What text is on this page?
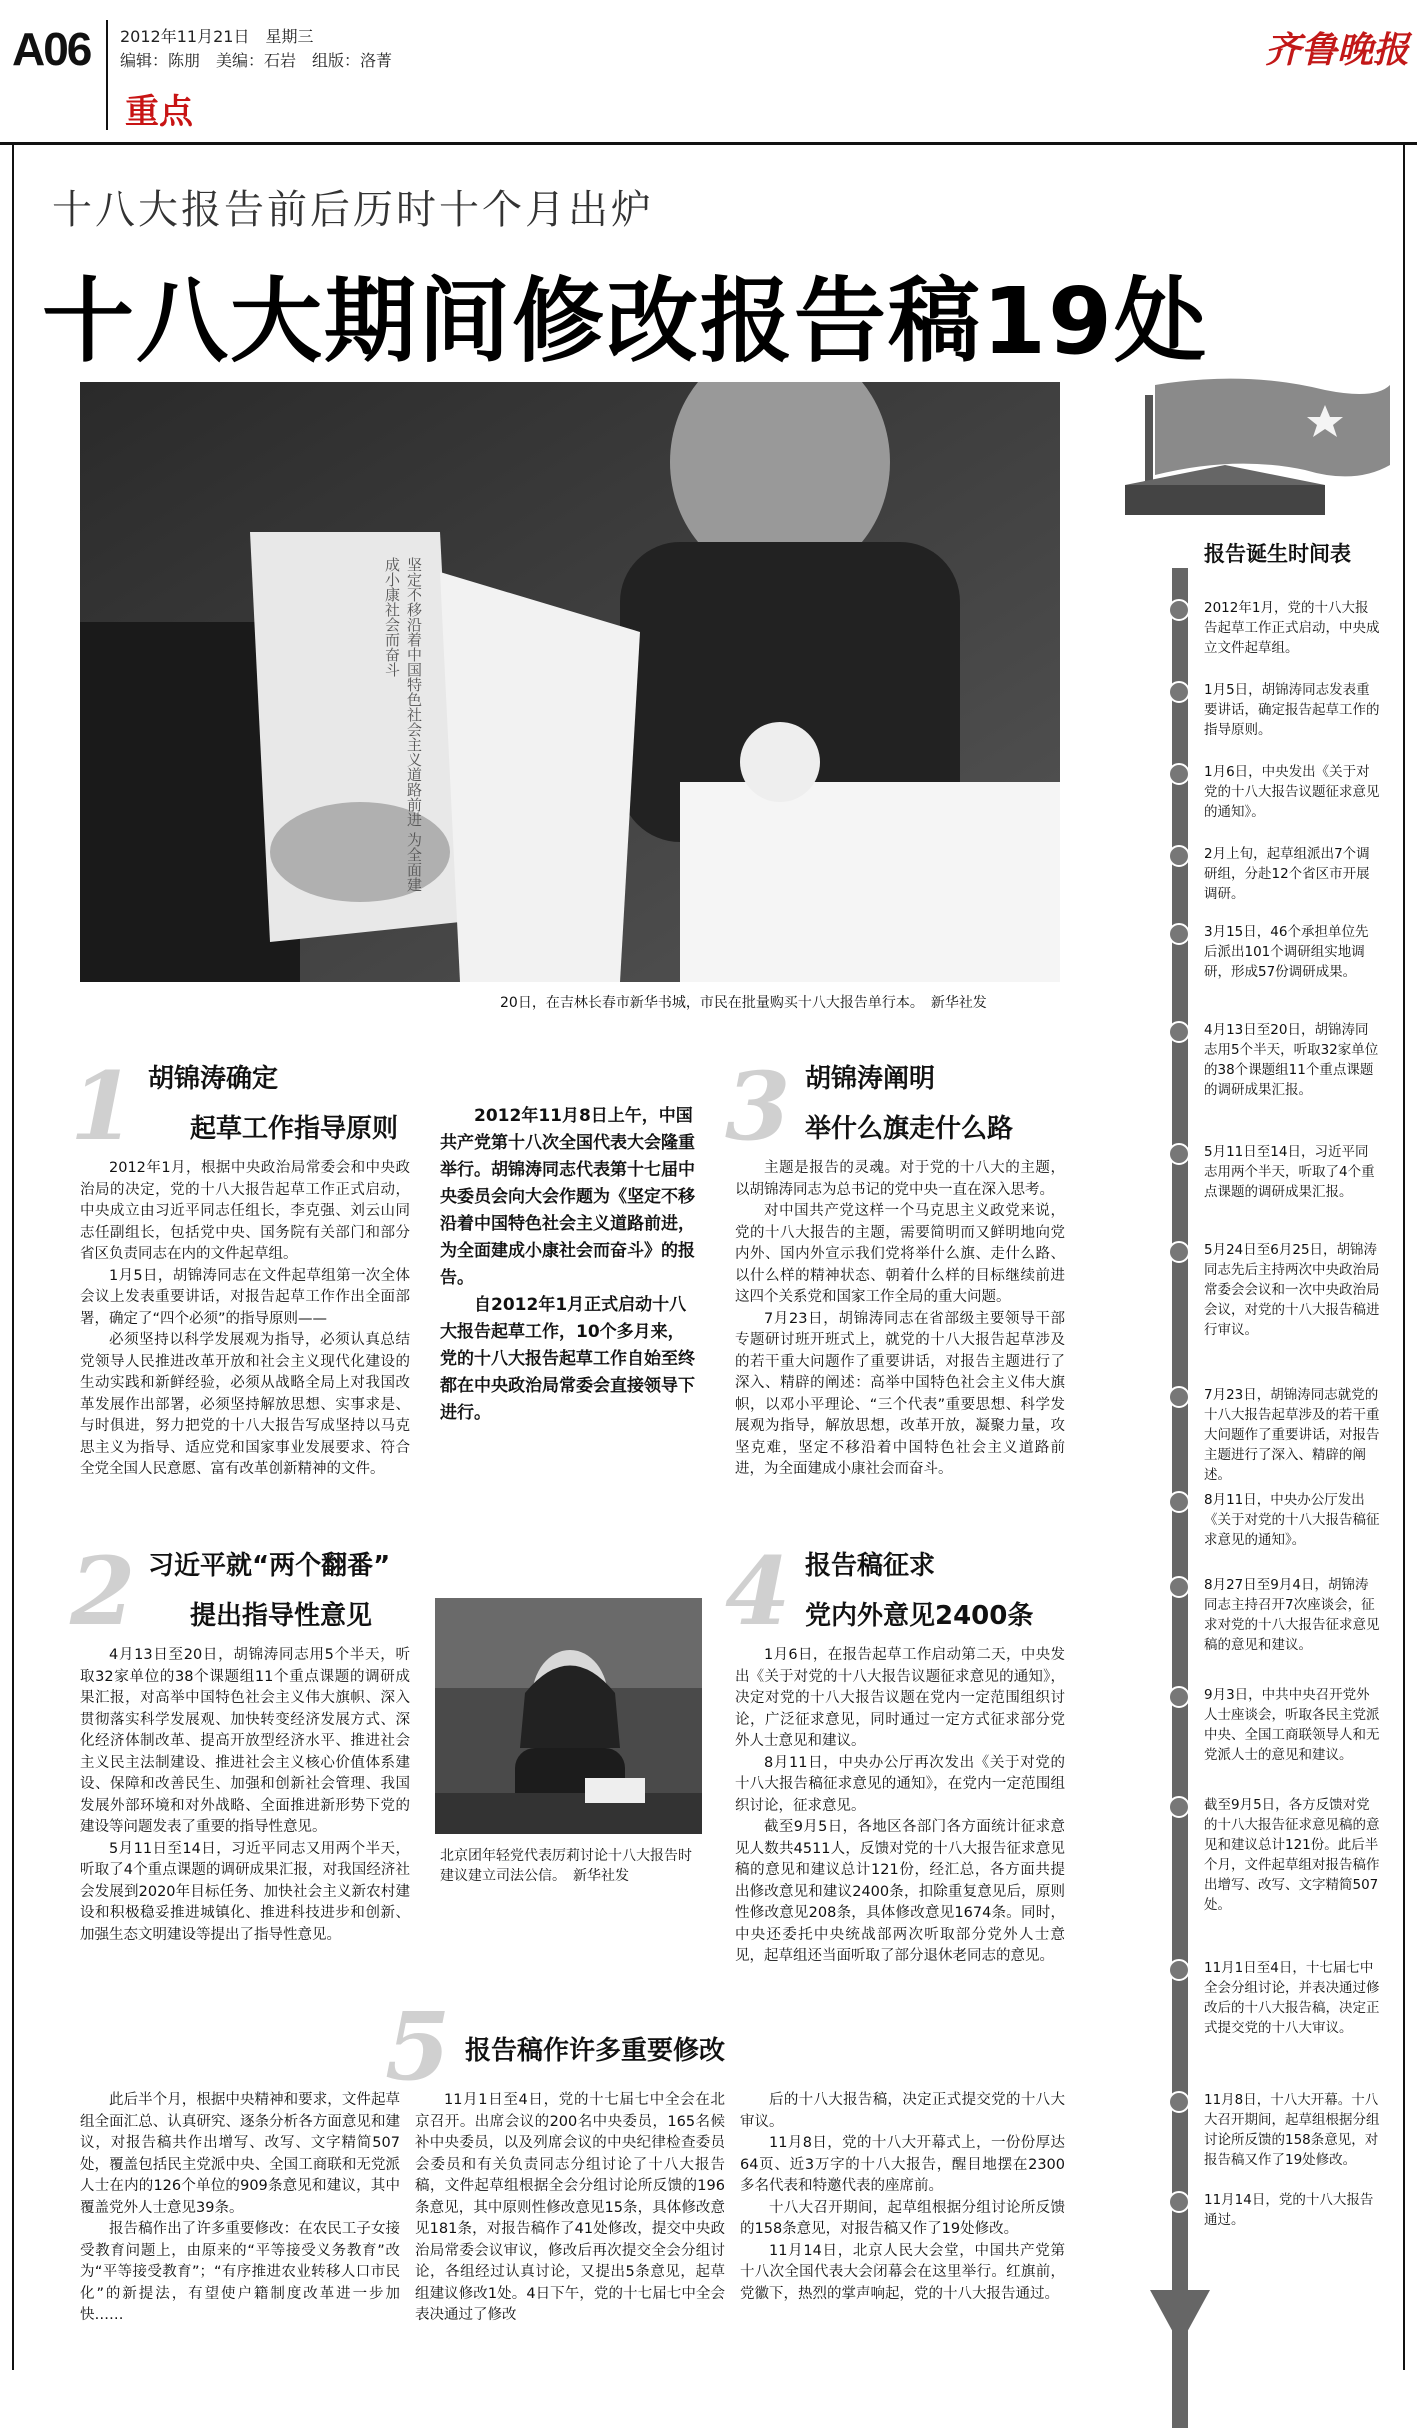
A06 2012年11月21日　星期三
编辑：陈朋　美编：石岩　组版：洛菁
重点
齐鲁晚报
十八大报告前后历时十个月出炉
十八大期间修改报告稿19处
坚定不移沿着中国特色社会主义道路前进 为全面建成小康社会而奋斗
20日，在吉林长春市新华书城，市民在批量购买十八大报告单行本。　新华社发
1 胡锦涛确定
起草工作指导原则

2012年1月，根据中央政治局常委会和中央政治局的决定，党的十八大报告起草工作正式启动，中央成立由习近平同志任组长，李克强、刘云山同志任副组长，包括党中央、国务院有关部门和部分省区负责同志在内的文件起草组。

1月5日，胡锦涛同志在文件起草组第一次全体会议上发表重要讲话，对报告起草工作作出全面部署，确定了“四个必须”的指导原则——

必须坚持以科学发展观为指导，必须认真总结党领导人民推进改革开放和社会主义现代化建设的生动实践和新鲜经验，必须从战略全局上对我国改革发展作出部署，必须坚持解放思想、实事求是、与时俱进，努力把党的十八大报告写成坚持以马克思主义为指导、适应党和国家事业发展要求、符合全党全国人民意愿、富有改革创新精神的文件。

2 习近平就“两个翻番”
提出指导性意见

4月13日至20日，胡锦涛同志用5个半天，听取32家单位的38个课题组11个重点课题的调研成果汇报，对高举中国特色社会主义伟大旗帜、深入贯彻落实科学发展观、加快转变经济发展方式、深化经济体制改革、提高开放型经济水平、推进社会主义民主法制建设、推进社会主义核心价值体系建设、保障和改善民生、加强和创新社会管理、我国发展外部环境和对外战略、全面推进新形势下党的建设等问题发表了重要的指导性意见。

5月11日至14日，习近平同志又用两个半天，听取了4个重点课题的调研成果汇报，对我国经济社会发展到2020年目标任务、加快社会主义新农村建设和积极稳妥推进城镇化、推进科技进步和创新、加强生态文明建设等提出了指导性意见。

2012年11月8日上午，中国共产党第十八次全国代表大会隆重举行。胡锦涛同志代表第十七届中央委员会向大会作题为《坚定不移沿着中国特色社会主义道路前进，为全面建成小康社会而奋斗》的报告。

自2012年1月正式启动十八大报告起草工作，10个多月来，党的十八大报告起草工作自始至终都在中央政治局常委会直接领导下进行。

北京团年轻党代表厉莉讨论十八大报告时建议建立司法公信。　新华社发
3 胡锦涛阐明
举什么旗走什么路

主题是报告的灵魂。对于党的十八大的主题，以胡锦涛同志为总书记的党中央一直在深入思考。

对中国共产党这样一个马克思主义政党来说，党的十八大报告的主题，需要简明而又鲜明地向党内外、国内外宣示我们党将举什么旗、走什么路、以什么样的精神状态、朝着什么样的目标继续前进这四个关系党和国家工作全局的重大问题。

7月23日，胡锦涛同志在省部级主要领导干部专题研讨班开班式上，就党的十八大报告起草涉及的若干重大问题作了重要讲话，对报告主题进行了深入、精辟的阐述：高举中国特色社会主义伟大旗帜，以邓小平理论、“三个代表”重要思想、科学发展观为指导，解放思想，改革开放，凝聚力量，攻坚克难，坚定不移沿着中国特色社会主义道路前进，为全面建成小康社会而奋斗。

4 报告稿征求
党内外意见2400条

1月6日，在报告起草工作启动第二天，中央发出《关于对党的十八大报告议题征求意见的通知》，决定对党的十八大报告议题在党内一定范围组织讨论，广泛征求意见，同时通过一定方式征求部分党外人士意见和建议。

8月11日，中央办公厅再次发出《关于对党的十八大报告稿征求意见的通知》，在党内一定范围组织讨论，征求意见。

截至9月5日，各地区各部门各方面统计征求意见人数共4511人，反馈对党的十八大报告征求意见稿的意见和建议总计121份，经汇总，各方面共提出修改意见和建议2400条，扣除重复意见后，原则性修改意见208条，具体修改意见1674条。同时，中央还委托中央统战部两次听取部分党外人士意见，起草组还当面听取了部分退休老同志的意见。

5 报告稿作许多重要修改

此后半个月，根据中央精神和要求，文件起草组全面汇总、认真研究、逐条分析各方面意见和建议，对报告稿共作出增写、改写、文字精简507处，覆盖包括民主党派中央、全国工商联和无党派人士在内的126个单位的909条意见和建议，其中覆盖党外人士意见39条。

报告稿作出了许多重要修改：在农民工子女接受教育问题上，由原来的“平等接受义务教育”改为“平等接受教育”；“有序推进农业转移人口市民化”的新提法，有望使户籍制度改革进一步加快……

11月1日至4日，党的十七届七中全会在北京召开。出席会议的200名中央委员，165名候补中央委员，以及列席会议的中央纪律检查委员会委员和有关负责同志分组讨论了十八大报告稿，文件起草组根据全会分组讨论所反馈的196条意见，其中原则性修改意见15条，具体修改意见181条，对报告稿作了41处修改，提交中央政治局常委会议审议，修改后再次提交全会分组讨论，各组经过认真讨论，又提出5条意见，起草组建议修改1处。4日下午，党的十七届七中全会表决通过了修改

后的十八大报告稿，决定正式提交党的十八大审议。

11月8日，党的十八大开幕式上，一份份厚达64页、近3万字的十八大报告，醒目地摆在2300多名代表和特邀代表的座席前。

十八大召开期间，起草组根据分组讨论所反馈的158条意见，对报告稿又作了19处修改。

11月14日，北京人民大会堂，中国共产党第十八次全国代表大会闭幕会在这里举行。红旗前，党徽下，热烈的掌声响起，党的十八大报告通过。

报告诞生时间表
2012年1月，党的十八大报告起草工作正式启动，中央成立文件起草组。
1月5日，胡锦涛同志发表重要讲话，确定报告起草工作的指导原则。
1月6日，中央发出《关于对党的十八大报告议题征求意见的通知》。
2月上旬，起草组派出7个调研组，分赴12个省区市开展调研。
3月15日，46个承担单位先后派出101个调研组实地调研，形成57份调研成果。
4月13日至20日，胡锦涛同志用5个半天，听取32家单位的38个课题组11个重点课题的调研成果汇报。
5月11日至14日，习近平同志用两个半天，听取了4个重点课题的调研成果汇报。
5月24日至6月25日，胡锦涛同志先后主持两次中央政治局常委会会议和一次中央政治局会议，对党的十八大报告稿进行审议。
7月23日，胡锦涛同志就党的十八大报告起草涉及的若干重大问题作了重要讲话，对报告主题进行了深入、精辟的阐述。
8月11日，中央办公厅发出《关于对党的十八大报告稿征求意见的通知》。
8月27日至9月4日，胡锦涛同志主持召开7次座谈会，征求对党的十八大报告征求意见稿的意见和建议。
9月3日，中共中央召开党外人士座谈会，听取各民主党派中央、全国工商联领导人和无党派人士的意见和建议。
截至9月5日，各方反馈对党的十八大报告征求意见稿的意见和建议总计121份。此后半个月，文件起草组对报告稿作出增写、改写、文字精简507处。
11月1日至4日，十七届七中全会分组讨论，并表决通过修改后的十八大报告稿，决定正式提交党的十八大审议。
11月8日，十八大开幕。十八大召开期间，起草组根据分组讨论所反馈的158条意见，对报告稿又作了19处修改。
11月14日，党的十八大报告通过。
